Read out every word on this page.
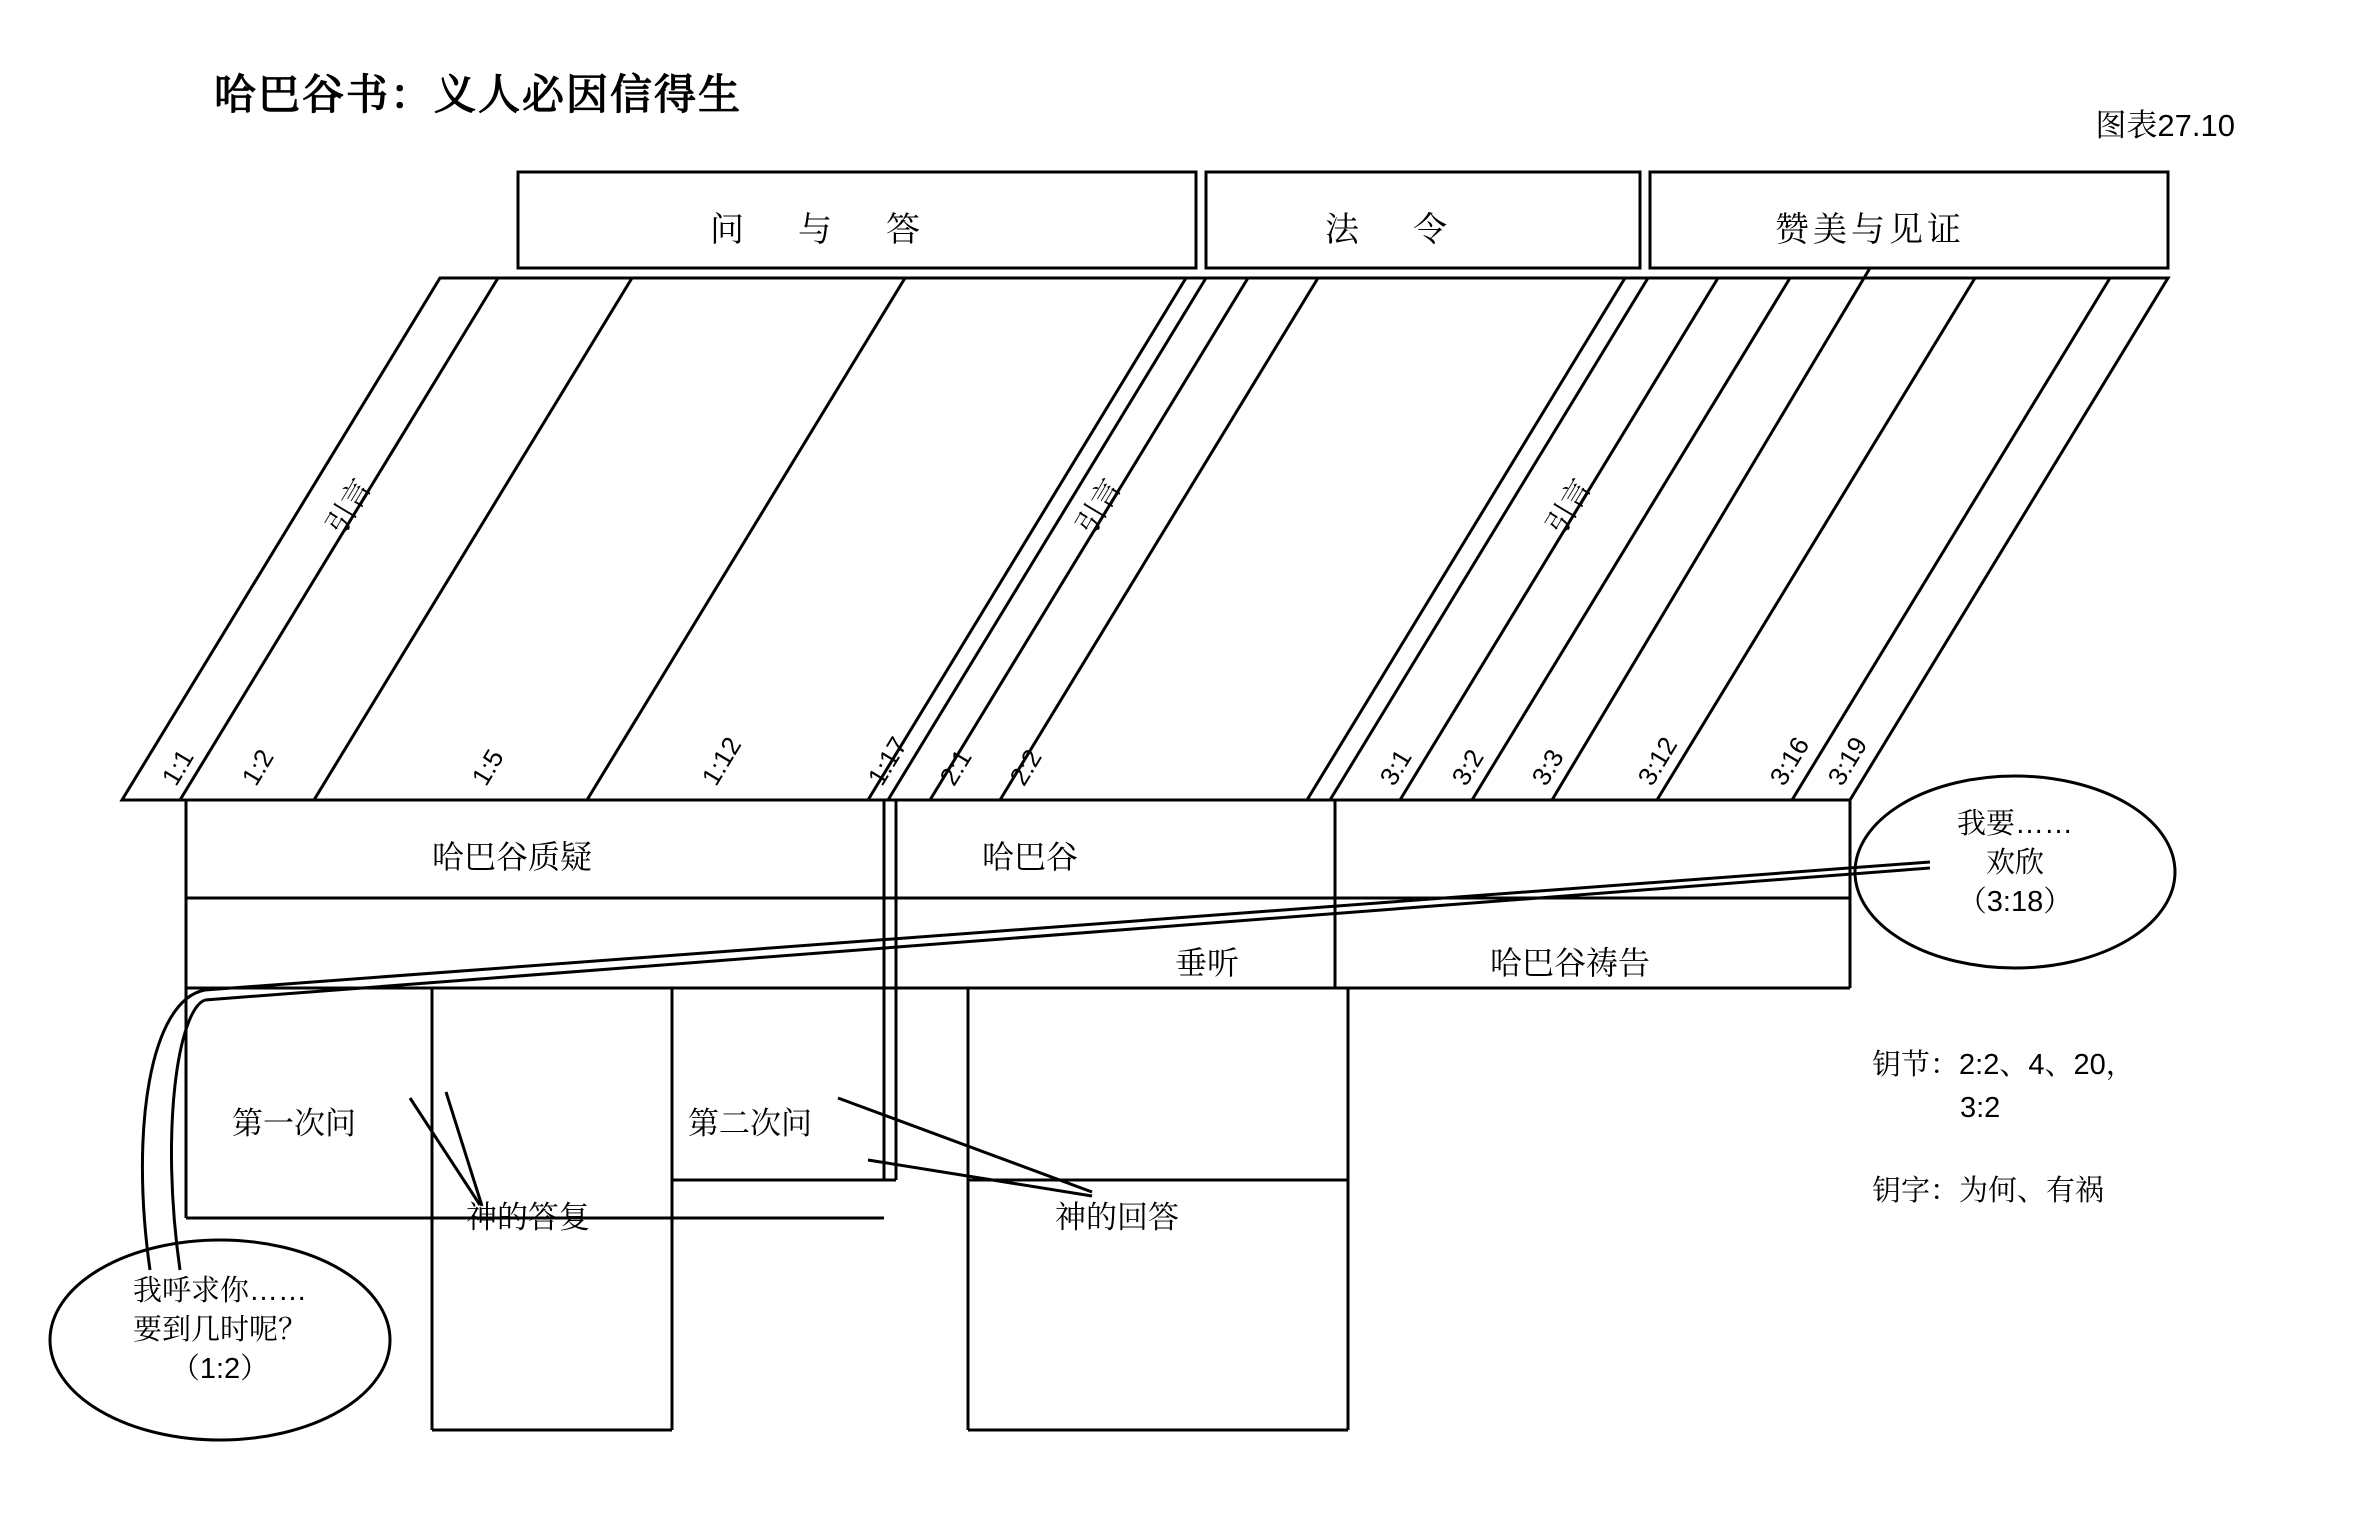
哈巴谷书：义人必因信得生
图表27.10
问　与　答	法　令	赞美与见证
引言	引言	引言
1:1 1:2	1:5	1:12	1:17 2:1 2:2	3:1 3:2 3:3 3:12	3:16 3:19
哈巴谷质疑	哈巴谷
垂听	哈巴谷祷告
第一次问
神的答复
第二次问
神的回答
我呼求你……
要到几时呢？
（1:2）
我要……
欢欣
（3:18）
钥节：2:2、4、20，
3:2
钥字：为何、有祸
